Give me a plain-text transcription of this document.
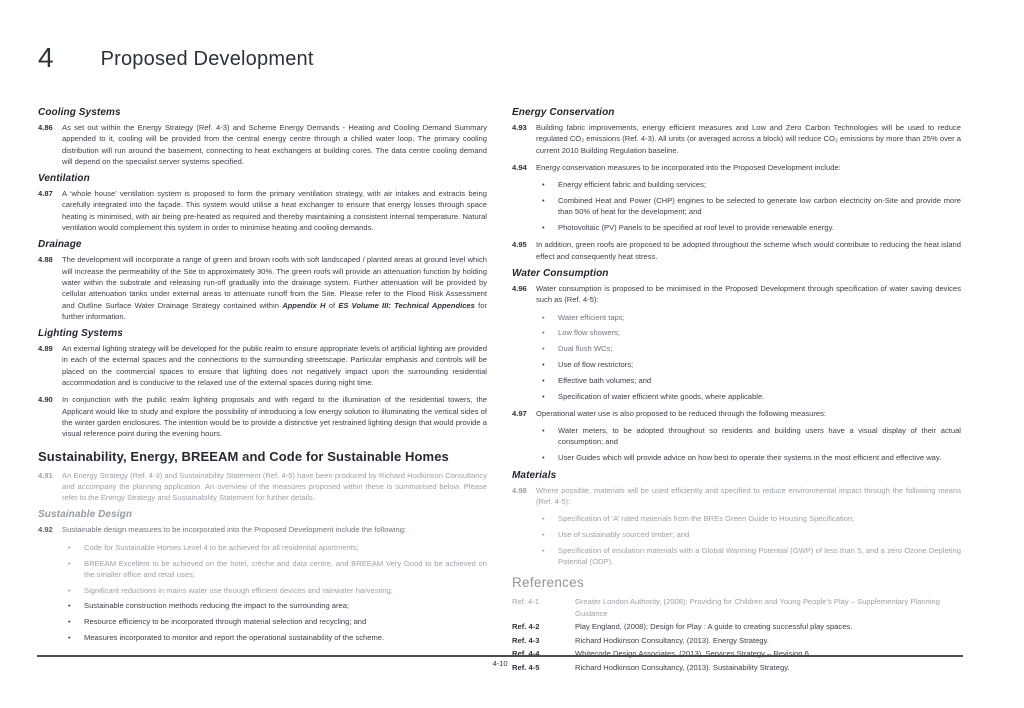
4 Proposed Development
Cooling Systems
4.86	As set out within the Energy Strategy (Ref. 4-3) and Scheme Energy Demands - Heating and Cooling Demand Summary appended to it, cooling will be provided from the central energy centre through a chilled water loop. The primary cooling distribution will run around the basement, connecting to heat exchangers at building cores. The data centre cooling demand will depend on the specialist server systems specified.
Ventilation
4.87	A ‘whole house’ ventilation system is proposed to form the primary ventilation strategy, with air intakes and extracts being carefully integrated into the façade. This system would utilise a heat exchanger to ensure that energy losses through space heating is minimised, with air being pre-heated as required and thereby maintaining a consistent internal temperature. Natural ventilation would complement this system in order to minimise heating and cooling demands.
Drainage
4.88	The development will incorporate a range of green and brown roofs with soft landscaped / planted areas at ground level which will increase the permeability of the Site to approximately 30%. The green roofs will provide an attenuation function by holding water within the substrate and releasing run-off gradually into the drainage system. Further attenuation will be provided by cellular attenuation tanks under external areas to attenuate runoff from the Site. Please refer to the Flood Risk Assessment and Outline Surface Water Drainage Strategy contained within Appendix H of ES Volume III: Technical Appendices for further information.
Lighting Systems
4.89	An external lighting strategy will be developed for the public realm to ensure appropriate levels of artificial lighting are provided in each of the external spaces and the connections to the surrounding streetscape. Particular emphasis and controls will be placed on the commercial spaces to ensure that lighting does not negatively impact upon the surrounding residential accommodation and is conducive to the relaxed use of the external spaces during night time.
4.90	In conjunction with the public realm lighting proposals and with regard to the illumination of the residential towers, the Applicant would like to study and explore the possibility of introducing a low energy solution to illuminating the vertical sides of the winter garden enclosures. The intention would be to provide a distinctive yet restrained lighting design that would provide a visual reference point during the evening hours.
Sustainability, Energy, BREEAM and Code for Sustainable Homes
4.91	An Energy Strategy (Ref. 4-3) and Sustainability Statement (Ref. 4-5) have been produced by Richard Hodkinson Consultancy and accompany the planning application. An overview of the measures proposed within these is summarised below. Please refer to the Energy Strategy and Sustainability Statement for further details.
Sustainable Design
4.92	Sustainable design measures to be incorporated into the Proposed Development include the following:
• Code for Sustainable Homes Level 4 to be achieved for all residential apartments;
• BREEAM Excellent to be achieved on the hotel, crèche and data centre, and BREEAM Very Good to be achieved on the smaller office and retail uses;
• Significant reductions in mains water use through efficient devices and rainwater harvesting;
• Sustainable construction methods reducing the impact to the surrounding area;
• Resource efficiency to be incorporated through material selection and recycling; and
• Measures incorporated to monitor and report the operational sustainability of the scheme.
Energy Conservation
4.93	Building fabric improvements, energy efficient measures and Low and Zero Carbon Technologies will be used to reduce regulated CO₂ emissions (Ref. 4-3). All units (or averaged across a block) will reduce CO₂ emissions by more than 25% over a current 2010 Building Regulation baseline.
4.94	Energy conservation measures to be incorporated into the Proposed Development include:
• Energy efficient fabric and building services;
• Combined Heat and Power (CHP) engines to be selected to generate low carbon electricity on-Site and provide more than 50% of heat for the development; and
• Photovoltaic (PV) Panels to be specified at roof level to provide renewable energy.
4.95	In addition, green roofs are proposed to be adopted throughout the scheme which would contribute to reducing the heat island effect and consequently heat stress.
Water Consumption
4.96	Water consumption is proposed to be minimised in the Proposed Development through specification of water saving devices such as (Ref. 4-5):
• Water efficient taps;
• Low flow showers;
• Dual flush WCs;
• Use of flow restrictors;
• Effective bath volumes; and
• Specification of water efficient white goods, where applicable.
4.97	Operational water use is also proposed to be reduced through the following measures:
• Water meters, to be adopted throughout so residents and building users have a visual display of their actual consumption; and
• User Guides which will provide advice on how best to operate their systems in the most efficient and effective way.
Materials
4.98	Where possible, materials will be used efficiently and specified to reduce environmental impact through the following means (Ref. 4-5):
• Specification of ‘A’ rated materials from the BREs Green Guide to Housing Specification;
• Use of sustainably sourced timber; and
• Specification of insulation materials with a Global Warming Potential (GWP) of less than 5, and a zero Ozone Depleting Potential (ODP).
References
Ref. 4-1	Greater London Authority, (2008); Providing for Children and Young People’s Play – Supplementary Planning Guidance
Ref. 4-2	Play England, (2008); Design for Play : A guide to creating successful play spaces.
Ref. 4-3	Richard Hodkinson Consultancy, (2013). Energy Strategy.
Ref. 4-4	Whitecode Design Associates, (2013). Services Strategy – Revision 6.
Ref. 4-5	Richard Hodkinson Consultancy, (2013). Sustainability Strategy.
4-10
